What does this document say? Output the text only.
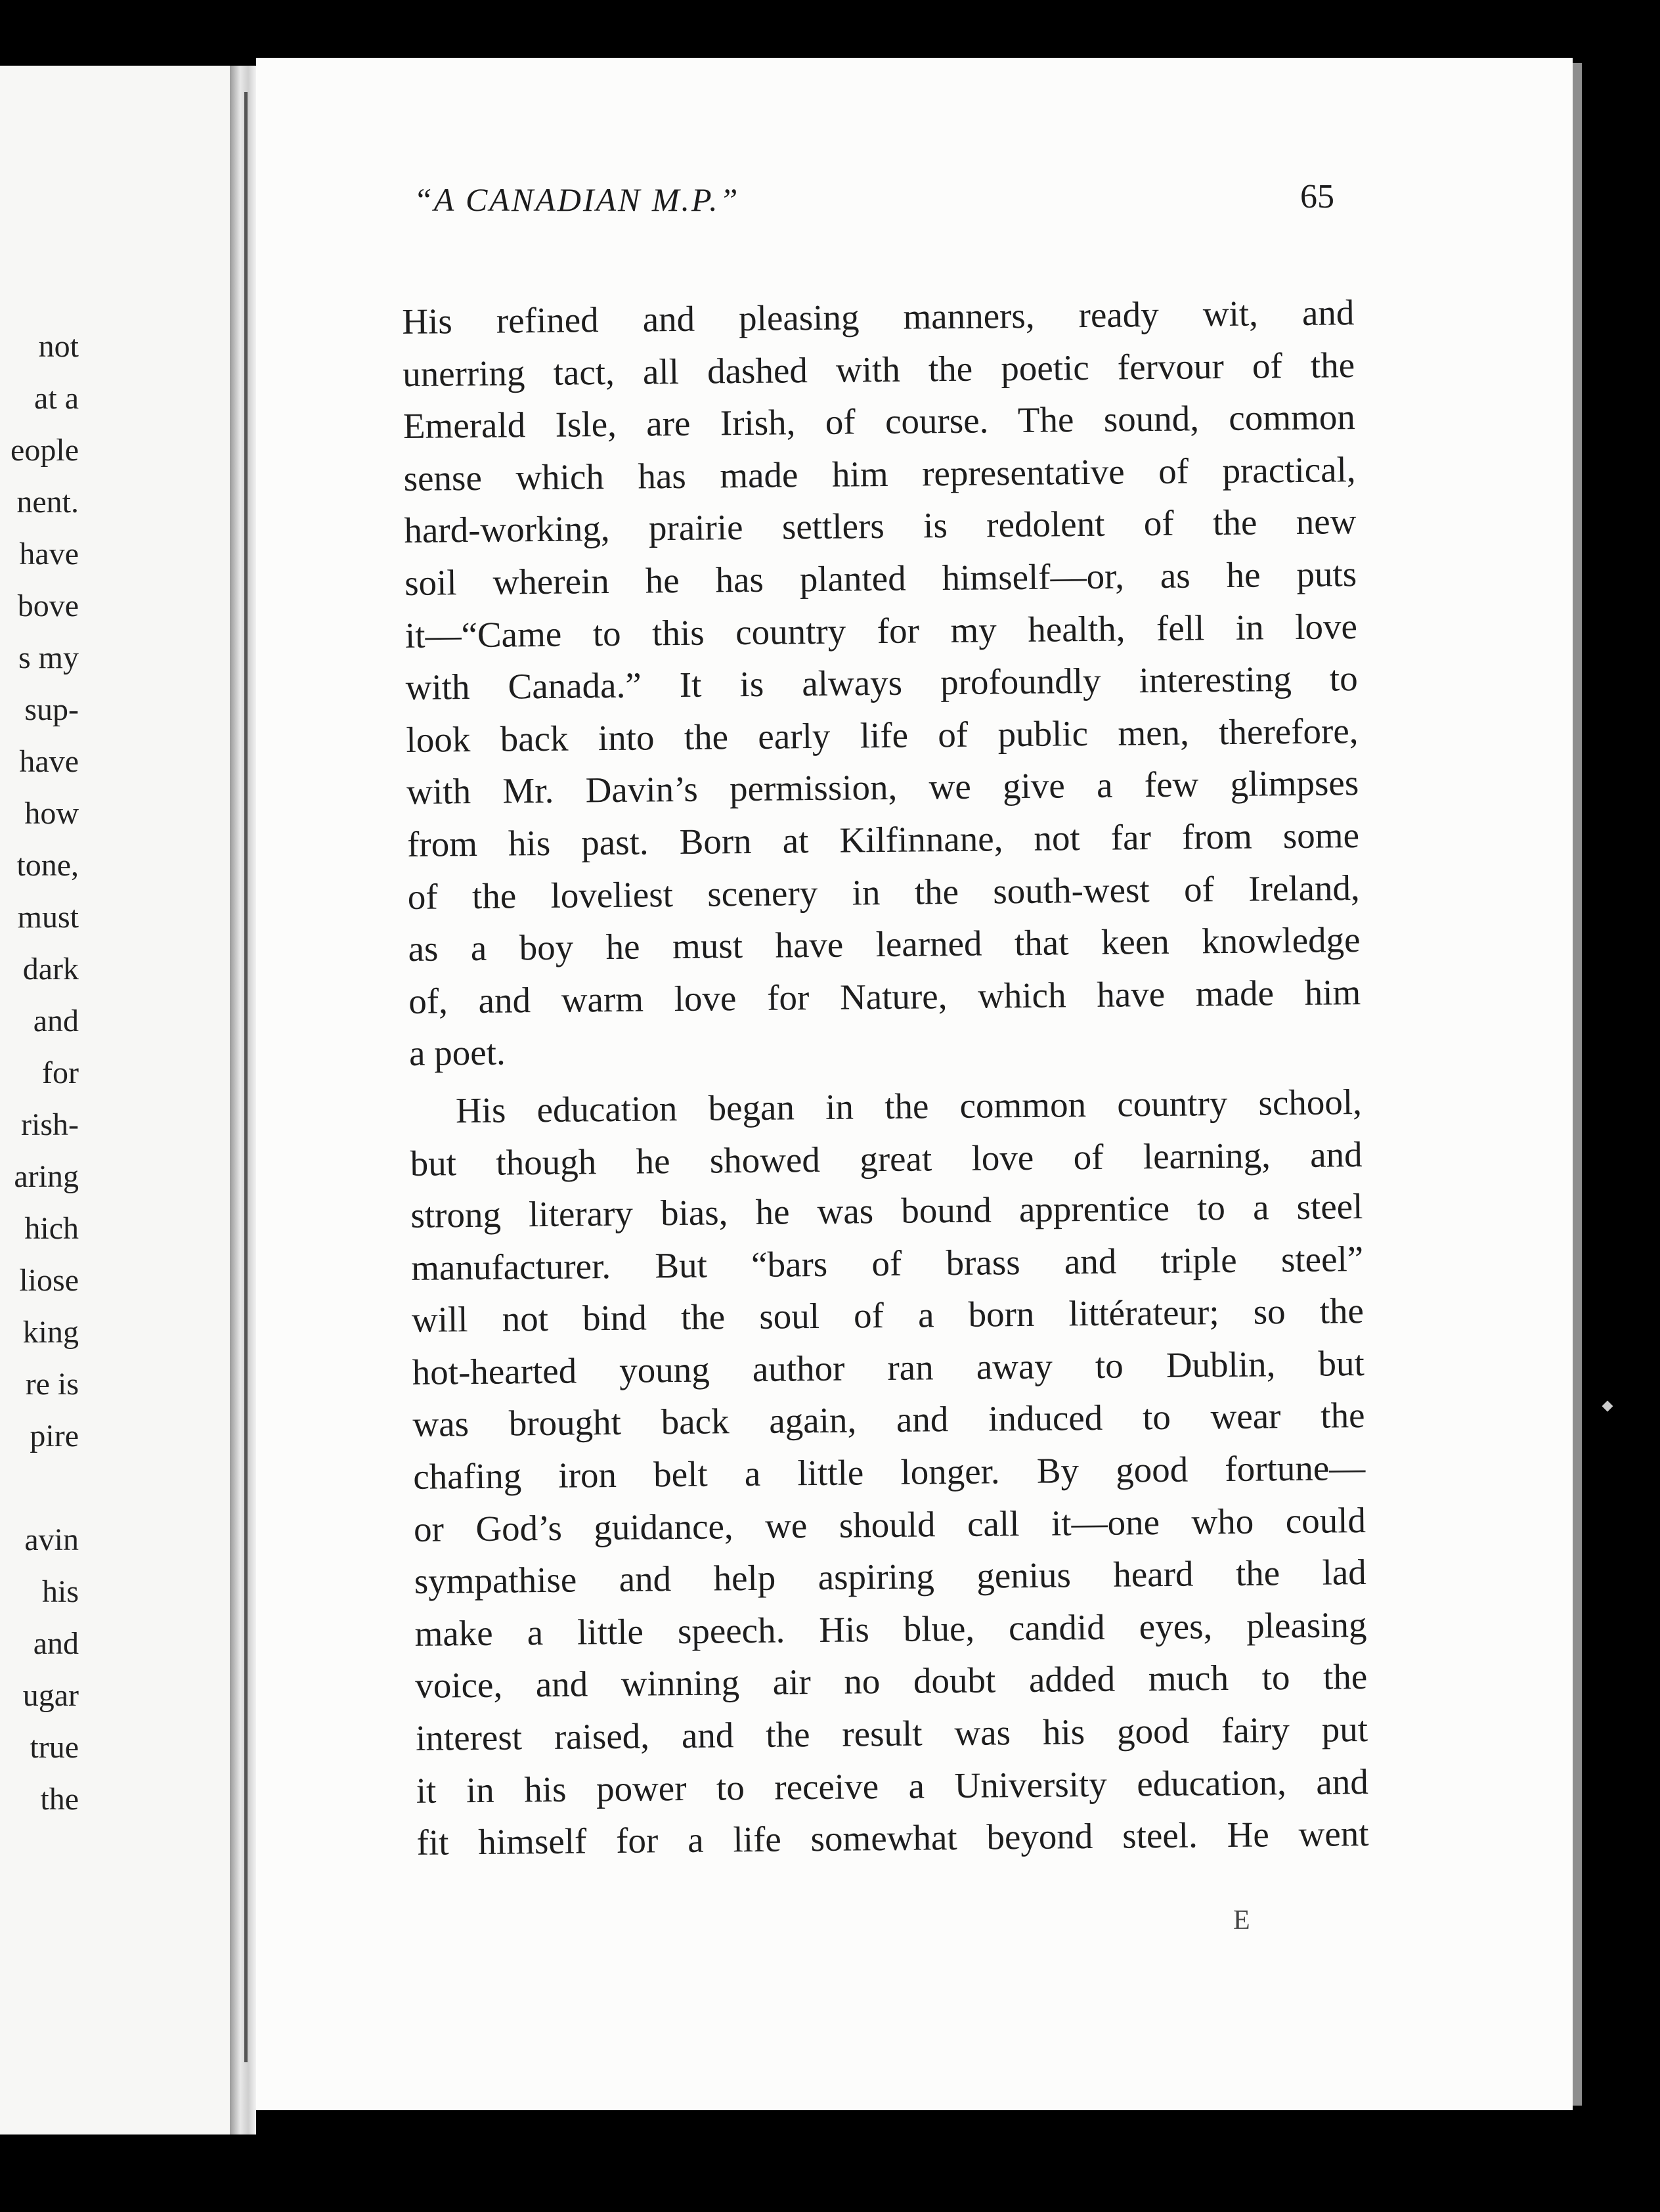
not
at a
eople
nent.
have
bove
s my
sup-
have
how
tone,
must
dark
and
for
rish-
aring
hich
liose
king
re is
pire
avin
his
and
ugar
true
the
“A CANADIAN M.P.”	65
His refined and pleasing manners, ready wit, and
unerring tact, all dashed with the poetic fervour of the
Emerald Isle, are Irish, of course. The sound, common
sense which has made him representative of practical,
hard-working, prairie settlers is redolent of the new
soil wherein he has planted himself—or, as he puts
it—“Came to this country for my health, fell in love
with Canada.” It is always profoundly interesting to
look back into the early life of public men, therefore,
with Mr. Davin’s permission, we give a few glimpses
from his past. Born at Kilfinnane, not far from some
of the loveliest scenery in the south-west of Ireland,
as a boy he must have learned that keen knowledge
of, and warm love for Nature, which have made him
a poet.
His education began in the common country school,
but though he showed great love of learning, and
strong literary bias, he was bound apprentice to a steel
manufacturer. But “bars of brass and triple steel”
will not bind the soul of a born littérateur; so the
hot-hearted young author ran away to Dublin, but
was brought back again, and induced to wear the
chafing iron belt a little longer. By good fortune—
or God’s guidance, we should call it—one who could
sympathise and help aspiring genius heard the lad
make a little speech. His blue, candid eyes, pleasing
voice, and winning air no doubt added much to the
interest raised, and the result was his good fairy put
it in his power to receive a University education, and
fit himself for a life somewhat beyond steel. He went
E
